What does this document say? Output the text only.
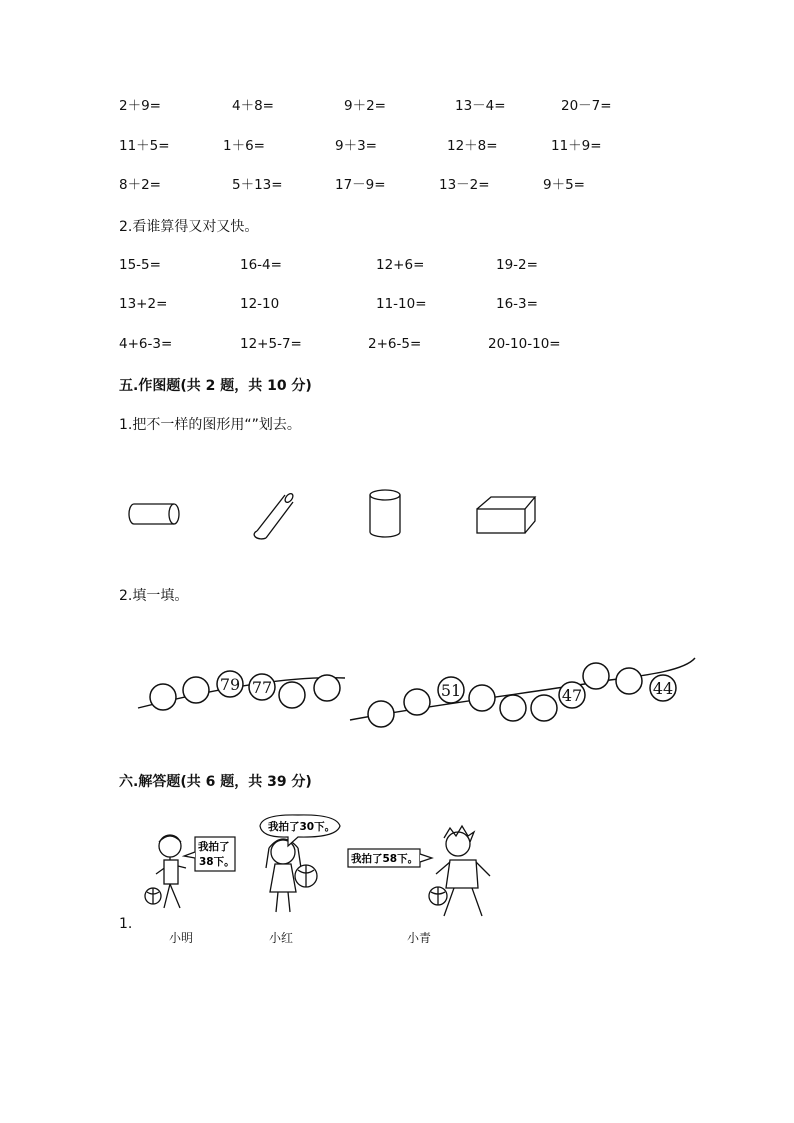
2＋9=	4＋8=	9＋2=	13－4=	20－7=
11＋5=	1＋6=	9＋3=	12＋8=	11＋9=
8＋2=	5＋13=	17－9=	13－2=	9＋5=
2.看谁算得又对又快。
15-5=	16-4=	12+6=	19-2=
13+2=	12-10	11-10=	16-3=
4+6-3=	12+5-7=	2+6-5=	20-10-10=
五.作图题(共 2 题，共 10 分)
1.把不一样的图形用“”划去。
2.填一填。
79 77	51	47	44
六.解答题(共 6 题，共 39 分)
我拍了
38下。
我拍了30下。
我拍了58下。
1.
小明	小红	小青
